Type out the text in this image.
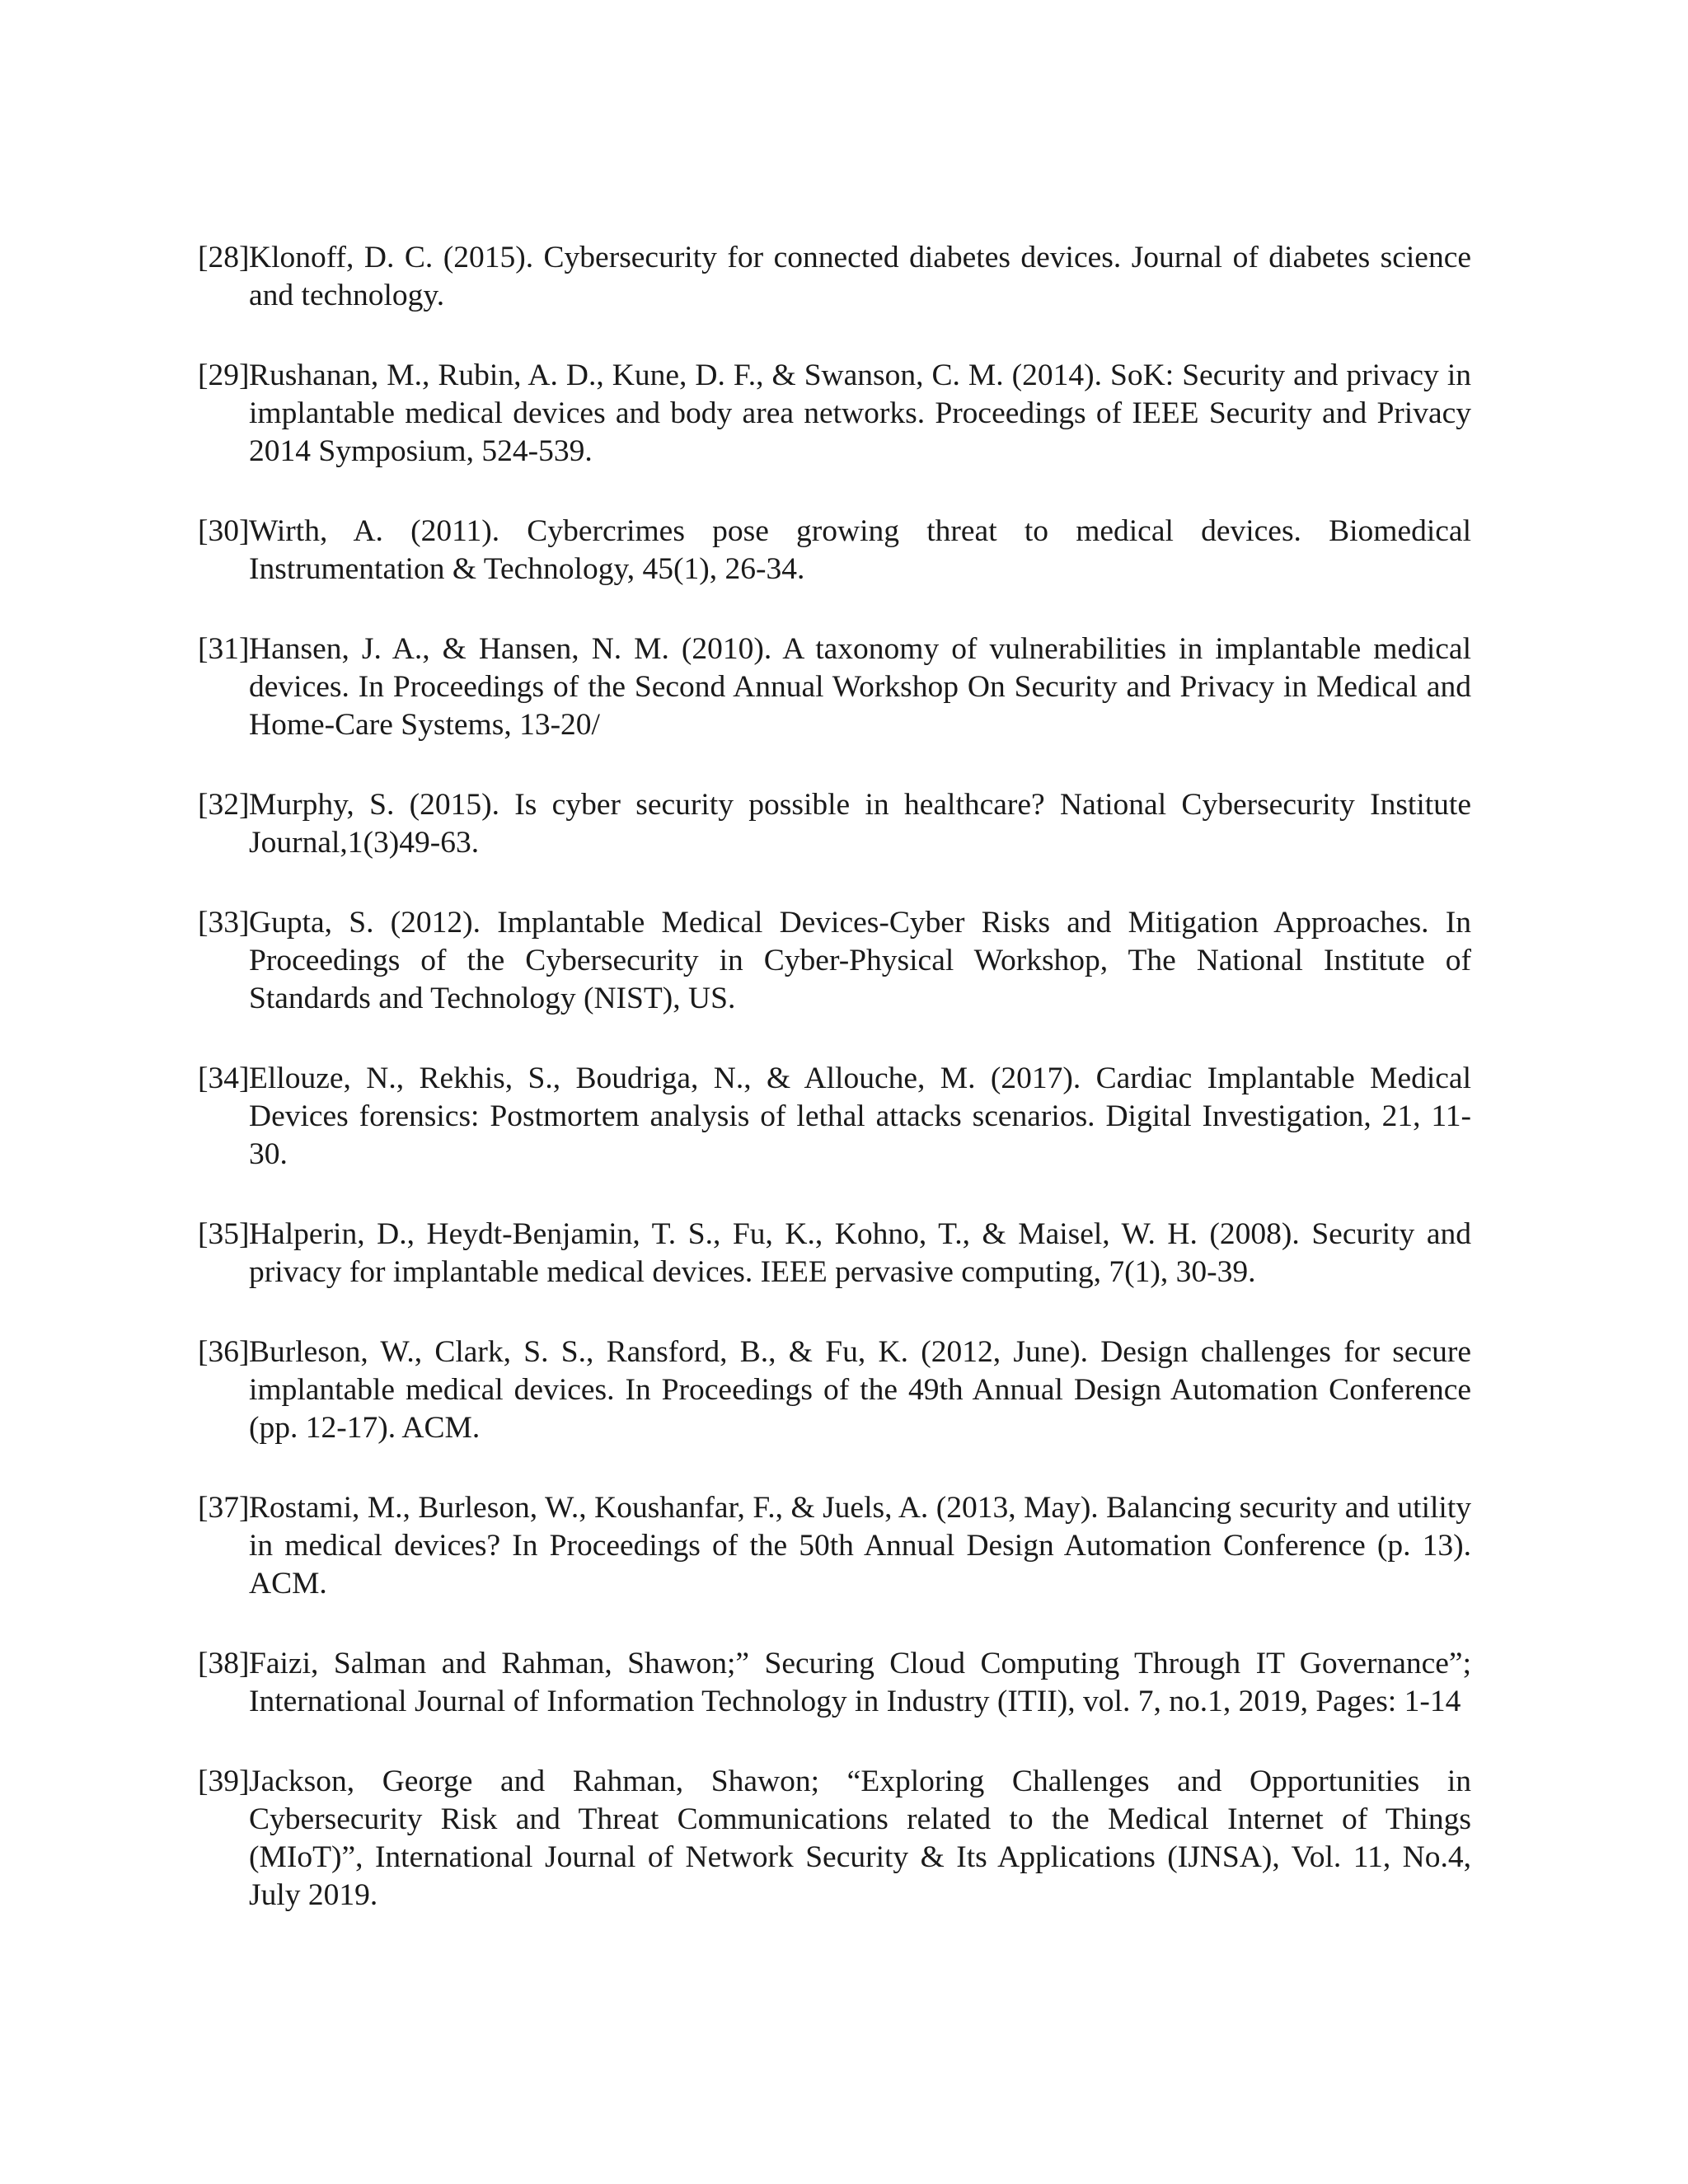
[28] Klonoff, D. C. (2015). Cybersecurity for connected diabetes devices. Journal of diabetes science and technology.
[29] Rushanan, M., Rubin, A. D., Kune, D. F., & Swanson, C. M. (2014). SoK: Security and privacy in implantable medical devices and body area networks. Proceedings of IEEE Security and Privacy 2014 Symposium, 524-539.
[30] Wirth, A. (2011). Cybercrimes pose growing threat to medical devices. Biomedical Instrumentation & Technology, 45(1), 26-34.
[31] Hansen, J. A., & Hansen, N. M. (2010). A taxonomy of vulnerabilities in implantable medical devices. In Proceedings of the Second Annual Workshop On Security and Privacy in Medical and Home-Care Systems, 13-20/
[32] Murphy, S. (2015). Is cyber security possible in healthcare? National Cybersecurity Institute Journal,1(3)49-63.
[33] Gupta, S. (2012). Implantable Medical Devices-Cyber Risks and Mitigation Approaches. In Proceedings of the Cybersecurity in Cyber-Physical Workshop, The National Institute of Standards and Technology (NIST), US.
[34] Ellouze, N., Rekhis, S., Boudriga, N., & Allouche, M. (2017). Cardiac Implantable Medical Devices forensics: Postmortem analysis of lethal attacks scenarios. Digital Investigation, 21, 11- 30.
[35] Halperin, D., Heydt-Benjamin, T. S., Fu, K., Kohno, T., & Maisel, W. H. (2008). Security and privacy for implantable medical devices. IEEE pervasive computing, 7(1), 30-39.
[36] Burleson, W., Clark, S. S., Ransford, B., & Fu, K. (2012, June). Design challenges for secure implantable medical devices. In Proceedings of the 49th Annual Design Automation Conference (pp. 12-17). ACM.
[37] Rostami, M., Burleson, W., Koushanfar, F., & Juels, A. (2013, May). Balancing security and utility in medical devices? In Proceedings of the 50th Annual Design Automation Conference (p. 13). ACM.
[38] Faizi, Salman and Rahman, Shawon;” Securing Cloud Computing Through IT Governance”; International Journal of Information Technology in Industry (ITII), vol. 7, no.1, 2019, Pages: 1-14
[39] Jackson, George and Rahman, Shawon; “Exploring Challenges and Opportunities in Cybersecurity Risk and Threat Communications related to the Medical Internet of Things (MIoT)”, International Journal of Network Security & Its Applications (IJNSA), Vol. 11, No.4, July 2019.
